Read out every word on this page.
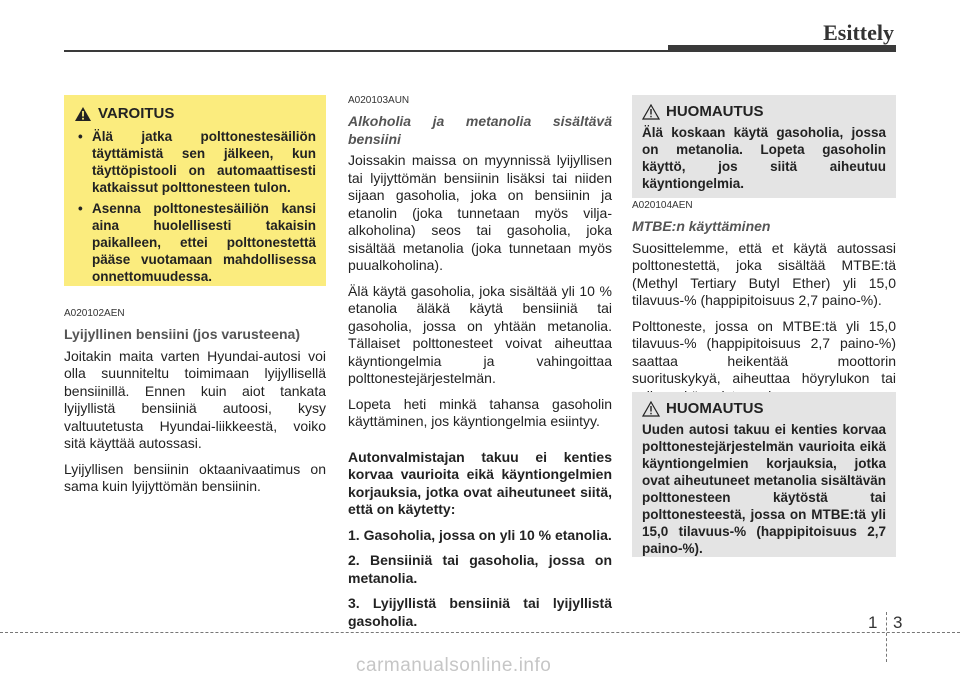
Esittely
VAROITUS
• Älä jatka polttonestesäiliön täyttämistä sen jälkeen, kun täyttöpistooli on automaattisesti katkaissut polttonesteen tulon.
• Asenna polttonestesäiliön kansi aina huolellisesti takaisin paikalleen, ettei polttonestettä pääse vuotamaan mahdollisessa onnettomuudessa.
A020102AEN
Lyijyllinen bensiini (jos varusteena)

Joitakin maita varten Hyundai-autosi voi olla suunniteltu toimimaan lyijyllisellä bensiinillä. Ennen kuin aiot tankata lyijyllistä bensiiniä autoosi, kysy valtuutetusta Hyundai-liikkeestä, voiko sitä käyttää autossasi.

Lyijyllisen bensiinin oktaanivaatimus on sama kuin lyijyttömän bensiinin.

A020103AUN
Alkoholia ja metanolia sisältävä bensiini

Joissakin maissa on myynnissä lyijyllisen tai lyijyttömän bensiinin lisäksi tai niiden sijaan gasoholia, joka on bensiinin ja etanolin (joka tunnetaan myös vilja-alkoholina) seos tai gasoholia, joka sisältää metanolia (joka tunnetaan myös puualkoholina).

Älä käytä gasoholia, joka sisältää yli 10 % etanolia äläkä käytä bensiiniä tai gasoholia, jossa on yhtään metanolia. Tällaiset polttonesteet voivat aiheuttaa käyntiongelmia ja vahingoittaa polttonestejärjestelmän.

Lopeta heti minkä tahansa gasoholin käyttäminen, jos käyntiongelmia esiintyy.

Autonvalmistajan takuu ei kenties korvaa vaurioita eikä käyntiongelmien korjauksia, jotka ovat aiheutuneet siitä, että on käytetty:

1. Gasoholia, jossa on yli 10 % etanolia.

2. Bensiiniä tai gasoholia, jossa on metanolia.

3. Lyijyllistä bensiiniä tai lyijyllistä gasoholia.

HUOMAUTUS
Älä koskaan käytä gasoholia, jossa on metanolia. Lopeta gasoholin käyttö, jos siitä aiheutuu käyntiongelmia.
A020104AEN
MTBE:n käyttäminen

Suosittelemme, että et käytä autossasi polttonestettä, joka sisältää MTBE:tä (Methyl Tertiary Butyl Ether) yli 15,0 tilavuus-% (happipitoisuus 2,7 paino-%).

Polttoneste, jossa on MTBE:tä yli 15,0 tilavuus-% (happipitoisuus 2,7 paino-%) saattaa heikentää moottorin suorituskykyä, aiheuttaa höyrylukon tai

HUOMAUTUS
Uuden autosi takuu ei kenties korvaa polttonestejärjestelmän vaurioita eikä käyntiongelmien korjauksia, jotka ovat aiheutuneet metanolia sisältävän polttonesteen käytöstä tai polttonesteestä, jossa on MTBE:tä yli 15,0 tilavuus-% (happipitoisuus 2,7 paino-%).
1 3
carmanualsonline.info
